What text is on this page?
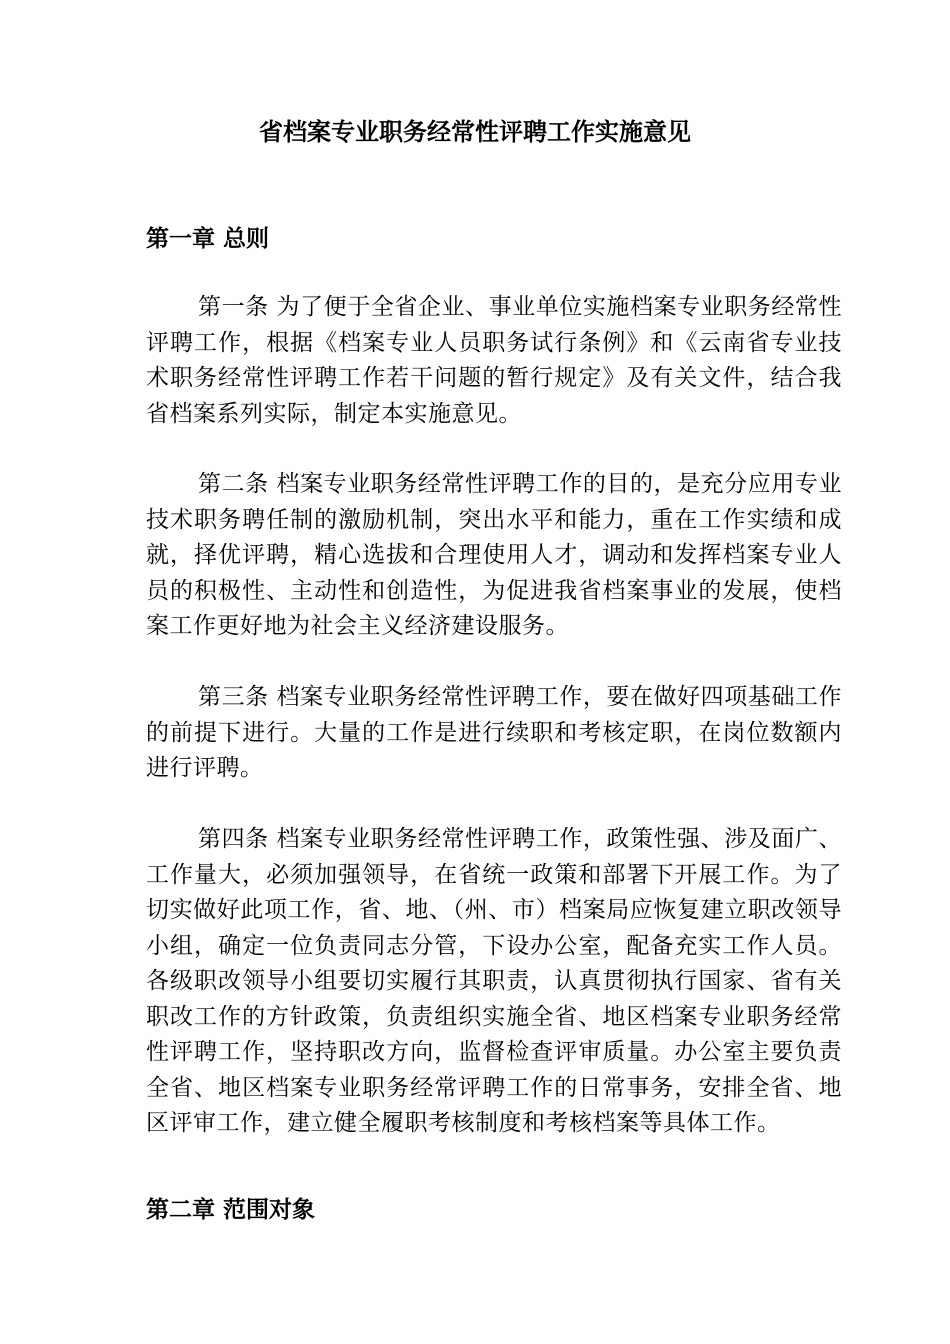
省档案专业职务经常性评聘工作实施意见
第一章 总则

第一条 为了便于全省企业、事业单位实施档案专业职务经常性评聘工作，根据《档案专业人员职务试行条例》和《云南省专业技术职务经常性评聘工作若干问题的暂行规定》及有关文件，结合我省档案系列实际，制定本实施意见。

第二条 档案专业职务经常性评聘工作的目的，是充分应用专业技术职务聘任制的激励机制，突出水平和能力，重在工作实绩和成就，择优评聘，精心选拔和合理使用人才，调动和发挥档案专业人员的积极性、主动性和创造性，为促进我省档案事业的发展，使档案工作更好地为社会主义经济建设服务。

第三条 档案专业职务经常性评聘工作，要在做好四项基础工作的前提下进行。大量的工作是进行续职和考核定职，在岗位数额内进行评聘。

第四条 档案专业职务经常性评聘工作，政策性强、涉及面广、工作量大，必须加强领导，在省统一政策和部署下开展工作。为了切实做好此项工作，省、地、（州、市）档案局应恢复建立职改领导小组，确定一位负责同志分管，下设办公室，配备充实工作人员。各级职改领导小组要切实履行其职责，认真贯彻执行国家、省有关职改工作的方针政策，负责组织实施全省、地区档案专业职务经常性评聘工作，坚持职改方向，监督检查评审质量。办公室主要负责全省、地区档案专业职务经常评聘工作的日常事务，安排全省、地区评审工作，建立健全履职考核制度和考核档案等具体工作。

第二章 范围对象
